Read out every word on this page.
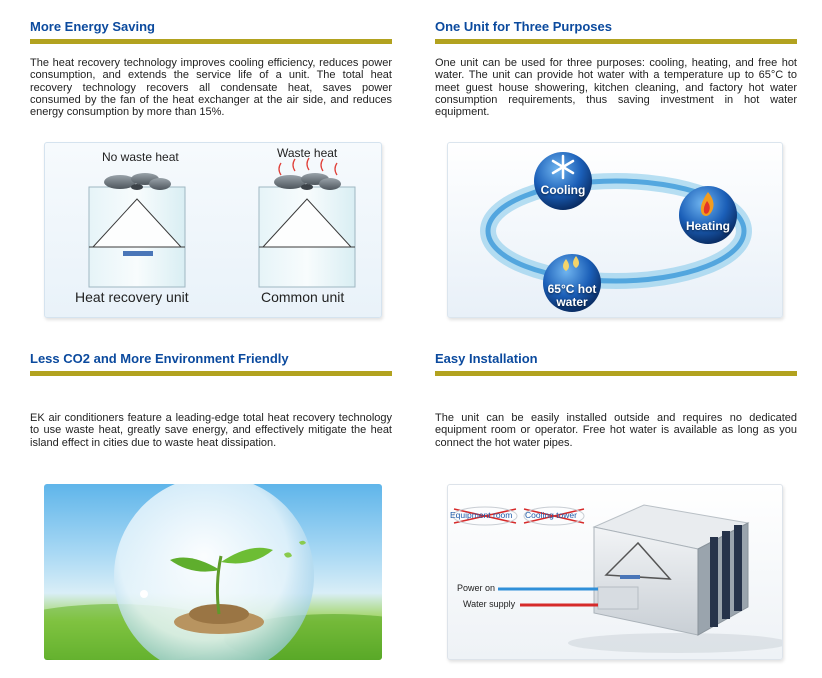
More Energy Saving

The heat recovery technology improves cooling efficiency, reduces power consumption, and extends the service life of a unit. The total heat recovery technology recovers all condensate heat, saves power consumed by the fan of the heat exchanger at the air side, and reduces energy consumption by more than 15%.

One Unit for Three Purposes

One unit can be used for three purposes: cooling, heating, and free hot water. The unit can provide hot water with a temperature up to 65°C to meet guest house showering, kitchen cleaning, and factory hot water consumption requirements, thus saving investment in hot water equipment.

Less CO2 and More Environment Friendly

EK air conditioners feature a leading-edge total heat recovery technology to use waste heat, greatly save energy, and effectively mitigate the heat island effect in cities due to waste heat dissipation.

Easy Installation

The unit can be easily installed outside and requires no dedicated equipment room or operator. Free hot water is available as long as you connect the hot water pipes.

No waste heat	Waste heat
Heat recovery unit	Common unit
Cooling
Heating
65°C hot
water
Equipment room Cooling tower
Power on
Water supply
